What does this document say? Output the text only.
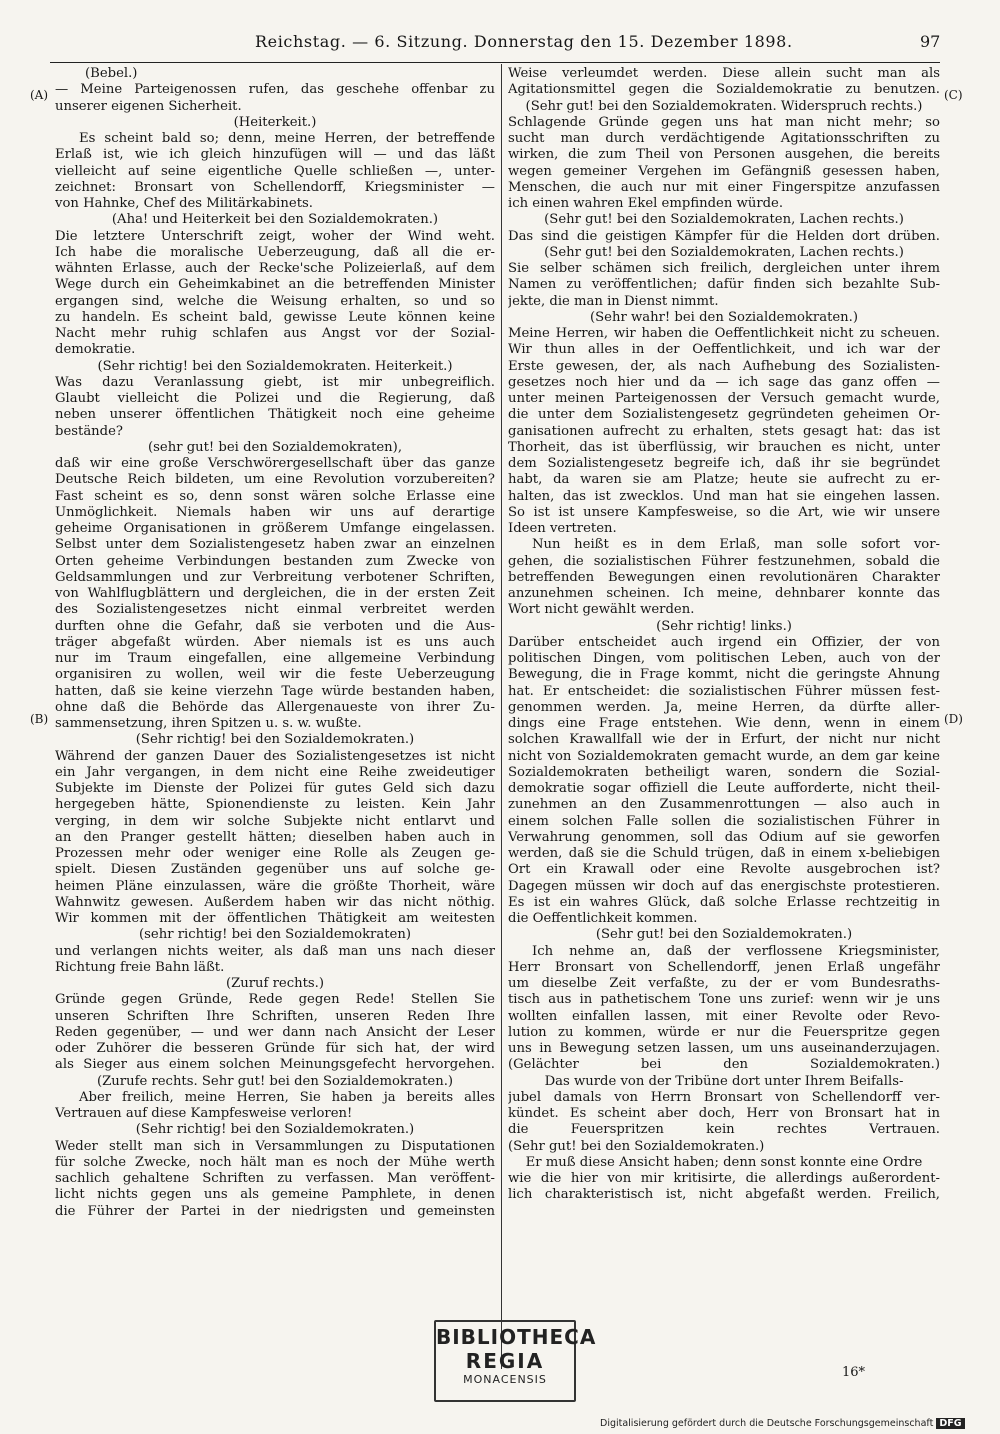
Reichstag. — 6. Sitzung. Donnerstag den 15. Dezember 1898.	97
(A)
(B)
(C)
(D)

(Bebel.)

— Meine Parteigenossen rufen, das geschehe offenbar zu

unserer eigenen Sicherheit.

(Heiterkeit.)

Es scheint bald so; denn, meine Herren, der betreffende

Erlaß ist, wie ich gleich hinzufügen will — und das läßt

vielleicht auf seine eigentliche Quelle schließen —, unter-

zeichnet: Bronsart von Schellendorff, Kriegsminister —

von Hahnke, Chef des Militärkabinets.

(Aha! und Heiterkeit bei den Sozialdemokraten.)

Die letztere Unterschrift zeigt, woher der Wind weht.

Ich habe die moralische Ueberzeugung, daß all die er-

wähnten Erlasse, auch der Recke'sche Polizeierlaß, auf dem

Wege durch ein Geheimkabinet an die betreffenden Minister

ergangen sind, welche die Weisung erhalten, so und so

zu handeln. Es scheint bald, gewisse Leute können keine

Nacht mehr ruhig schlafen aus Angst vor der Sozial-

demokratie.

(Sehr richtig! bei den Sozialdemokraten. Heiterkeit.)

Was dazu Veranlassung giebt, ist mir unbegreiflich.

Glaubt vielleicht die Polizei und die Regierung, daß

neben unserer öffentlichen Thätigkeit noch eine geheime

bestände?

(sehr gut! bei den Sozialdemokraten),

daß wir eine große Verschwörergesellschaft über das ganze

Deutsche Reich bildeten, um eine Revolution vorzubereiten?

Fast scheint es so, denn sonst wären solche Erlasse eine

Unmöglichkeit. Niemals haben wir uns auf derartige

geheime Organisationen in größerem Umfange eingelassen.

Selbst unter dem Sozialistengesetz haben zwar an einzelnen

Orten geheime Verbindungen bestanden zum Zwecke von

Geldsammlungen und zur Verbreitung verbotener Schriften,

von Wahlflugblättern und dergleichen, die in der ersten Zeit

des Sozialistengesetzes nicht einmal verbreitet werden

durften ohne die Gefahr, daß sie verboten und die Aus-

träger abgefaßt würden. Aber niemals ist es uns auch

nur im Traum eingefallen, eine allgemeine Verbindung

organisiren zu wollen, weil wir die feste Ueberzeugung

hatten, daß sie keine vierzehn Tage würde bestanden haben,

ohne daß die Behörde das Allergenaueste von ihrer Zu-

sammensetzung, ihren Spitzen u. s. w. wußte.

(Sehr richtig! bei den Sozialdemokraten.)

Während der ganzen Dauer des Sozialistengesetzes ist nicht

ein Jahr vergangen, in dem nicht eine Reihe zweideutiger

Subjekte im Dienste der Polizei für gutes Geld sich dazu

hergegeben hätte, Spionendienste zu leisten. Kein Jahr

verging, in dem wir solche Subjekte nicht entlarvt und

an den Pranger gestellt hätten; dieselben haben auch in

Prozessen mehr oder weniger eine Rolle als Zeugen ge-

spielt. Diesen Zuständen gegenüber uns auf solche ge-

heimen Pläne einzulassen, wäre die größte Thorheit, wäre

Wahnwitz gewesen. Außerdem haben wir das nicht nöthig.

Wir kommen mit der öffentlichen Thätigkeit am weitesten

(sehr richtig! bei den Sozialdemokraten)

und verlangen nichts weiter, als daß man uns nach dieser

Richtung freie Bahn läßt.

(Zuruf rechts.)

Gründe gegen Gründe, Rede gegen Rede! Stellen Sie

unseren Schriften Ihre Schriften, unseren Reden Ihre

Reden gegenüber, — und wer dann nach Ansicht der Leser

oder Zuhörer die besseren Gründe für sich hat, der wird

als Sieger aus einem solchen Meinungsgefecht hervorgehen.

(Zurufe rechts. Sehr gut! bei den Sozialdemokraten.)

Aber freilich, meine Herren, Sie haben ja bereits alles

Vertrauen auf diese Kampfesweise verloren!

(Sehr richtig! bei den Sozialdemokraten.)

Weder stellt man sich in Versammlungen zu Disputationen

für solche Zwecke, noch hält man es noch der Mühe werth

sachlich gehaltene Schriften zu verfassen. Man veröffent-

licht nichts gegen uns als gemeine Pamphlete, in denen

die Führer der Partei in der niedrigsten und gemeinsten

Weise verleumdet werden. Diese allein sucht man als

Agitationsmittel gegen die Sozialdemokratie zu benutzen.

(Sehr gut! bei den Sozialdemokraten. Widerspruch rechts.)

Schlagende Gründe gegen uns hat man nicht mehr; so

sucht man durch verdächtigende Agitationsschriften zu

wirken, die zum Theil von Personen ausgehen, die bereits

wegen gemeiner Vergehen im Gefängniß gesessen haben,

Menschen, die auch nur mit einer Fingerspitze anzufassen

ich einen wahren Ekel empfinden würde.

(Sehr gut! bei den Sozialdemokraten, Lachen rechts.)

Das sind die geistigen Kämpfer für die Helden dort drüben.

(Sehr gut! bei den Sozialdemokraten, Lachen rechts.)

Sie selber schämen sich freilich, dergleichen unter ihrem

Namen zu veröffentlichen; dafür finden sich bezahlte Sub-

jekte, die man in Dienst nimmt.

(Sehr wahr! bei den Sozialdemokraten.)

Meine Herren, wir haben die Oeffentlichkeit nicht zu scheuen.

Wir thun alles in der Oeffentlichkeit, und ich war der

Erste gewesen, der, als nach Aufhebung des Sozialisten-

gesetzes noch hier und da — ich sage das ganz offen —

unter meinen Parteigenossen der Versuch gemacht wurde,

die unter dem Sozialistengesetz gegründeten geheimen Or-

ganisationen aufrecht zu erhalten, stets gesagt hat: das ist

Thorheit, das ist überflüssig, wir brauchen es nicht, unter

dem Sozialistengesetz begreife ich, daß ihr sie begründet

habt, da waren sie am Platze; heute sie aufrecht zu er-

halten, das ist zwecklos. Und man hat sie eingehen lassen.

So ist ist unsere Kampfesweise, so die Art, wie wir unsere

Ideen vertreten.

Nun heißt es in dem Erlaß, man solle sofort vor-

gehen, die sozialistischen Führer festzunehmen, sobald die

betreffenden Bewegungen einen revolutionären Charakter

anzunehmen scheinen. Ich meine, dehnbarer konnte das

Wort nicht gewählt werden.

(Sehr richtig! links.)

Darüber entscheidet auch irgend ein Offizier, der von

politischen Dingen, vom politischen Leben, auch von der

Bewegung, die in Frage kommt, nicht die geringste Ahnung

hat. Er entscheidet: die sozialistischen Führer müssen fest-

genommen werden. Ja, meine Herren, da dürfte aller-

dings eine Frage entstehen. Wie denn, wenn in einem

solchen Krawallfall wie der in Erfurt, der nicht nur nicht

nicht von Sozialdemokraten gemacht wurde, an dem gar keine

Sozialdemokraten betheiligt waren, sondern die Sozial-

demokratie sogar offiziell die Leute aufforderte, nicht theil-

zunehmen an den Zusammenrottungen — also auch in

einem solchen Falle sollen die sozialistischen Führer in

Verwahrung genommen, soll das Odium auf sie geworfen

werden, daß sie die Schuld trügen, daß in einem x-beliebigen

Ort ein Krawall oder eine Revolte ausgebrochen ist?

Dagegen müssen wir doch auf das energischste protestieren.

Es ist ein wahres Glück, daß solche Erlasse rechtzeitig in

die Oeffentlichkeit kommen.

(Sehr gut! bei den Sozialdemokraten.)

Ich nehme an, daß der verflossene Kriegsminister,

Herr Bronsart von Schellendorff, jenen Erlaß ungefähr

um dieselbe Zeit verfaßte, zu der er vom Bundesraths-

tisch aus in pathetischem Tone uns zurief: wenn wir je uns

wollten einfallen lassen, mit einer Revolte oder Revo-

lution zu kommen, würde er nur die Feuerspritze gegen

uns in Bewegung setzen lassen, um uns auseinanderzujagen.

(Gelächter bei den Sozialdemokraten.)

Das wurde von der Tribüne dort unter Ihrem Beifalls-

jubel damals von Herrn Bronsart von Schellendorff ver-

kündet. Es scheint aber doch, Herr von Bronsart hat in

die Feuerspritzen kein rechtes Vertrauen.

(Sehr gut! bei den Sozialdemokraten.)

Er muß diese Ansicht haben; denn sonst konnte eine Ordre

wie die hier von mir kritisirte, die allerdings außerordent-

lich charakteristisch ist, nicht abgefaßt werden. Freilich,

16*
BIBLIOTHECA
REGIA
MONACENSIS
Digitalisierung gefördert durch die Deutsche Forschungsgemeinschaft DFG
